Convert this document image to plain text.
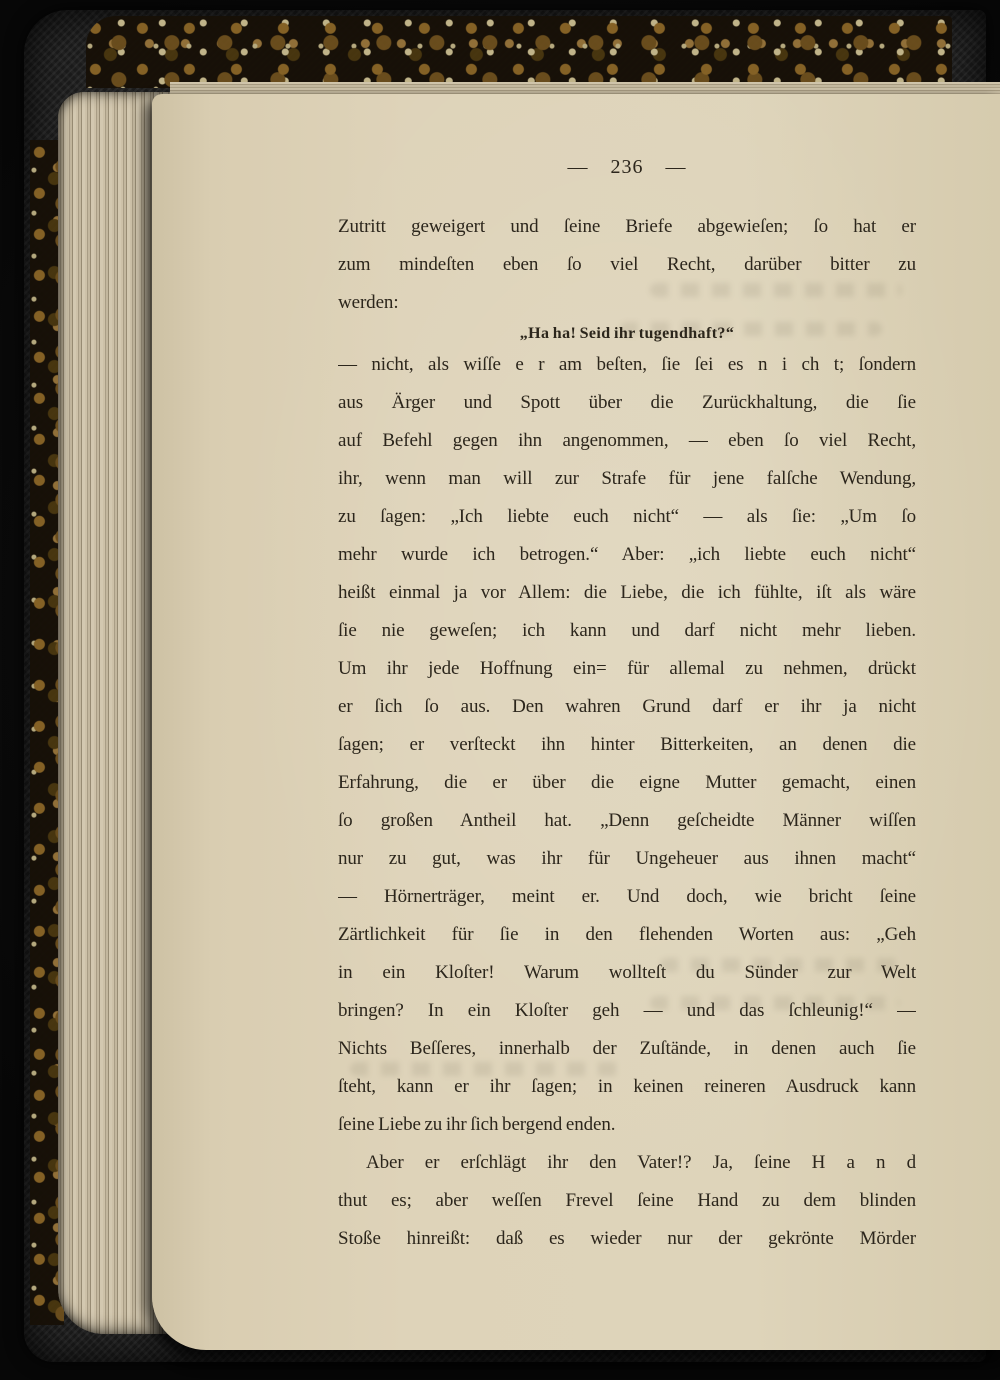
— 236 —
Zutritt geweigert und ſeine Briefe abgewieſen; ſo hat er
zum mindeſten eben ſo viel Recht, darüber bitter zu
werden:
„Ha ha! Seid ihr tugendhaft?“
— nicht, als wiſſe e r am beſten, ſie ſei es n i ch t; ſondern
aus Ärger und Spott über die Zurückhaltung, die ſie
auf Befehl gegen ihn angenommen, — eben ſo viel Recht,
ihr, wenn man will zur Strafe für jene falſche Wendung,
zu ſagen: „Ich liebte euch nicht“ — als ſie: „Um ſo
mehr wurde ich betrogen.“ Aber: „ich liebte euch nicht“
heißt einmal ja vor Allem: die Liebe, die ich fühlte, iſt als wäre
ſie nie geweſen; ich kann und darf nicht mehr lieben.
Um ihr jede Hoffnung ein= für allemal zu nehmen, drückt
er ſich ſo aus. Den wahren Grund darf er ihr ja nicht
ſagen; er verſteckt ihn hinter Bitterkeiten, an denen die
Erfahrung, die er über die eigne Mutter gemacht, einen
ſo großen Antheil hat. „Denn geſcheidte Männer wiſſen
nur zu gut, was ihr für Ungeheuer aus ihnen macht“
— Hörnerträger, meint er. Und doch, wie bricht ſeine
Zärtlichkeit für ſie in den flehenden Worten aus: „Geh
in ein Kloſter! Warum wollteſt du Sünder zur Welt
bringen? In ein Kloſter geh — und das ſchleunig!“ —
Nichts Beſſeres, innerhalb der Zuſtände, in denen auch ſie
ſteht, kann er ihr ſagen; in keinen reineren Ausdruck kann
ſeine Liebe zu ihr ſich bergend enden.
Aber er erſchlägt ihr den Vater!? Ja, ſeine H a n d
thut es; aber weſſen Frevel ſeine Hand zu dem blinden
Stoße hinreißt: daß es wieder nur der gekrönte Mörder
